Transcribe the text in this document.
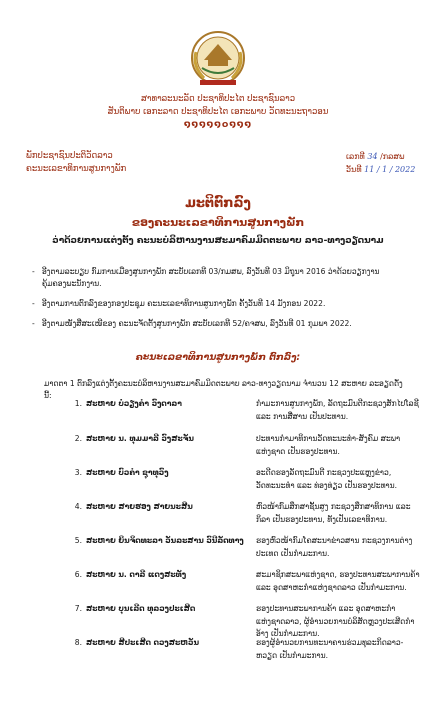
ສາທາລະນະລັດ ປະຊາທິປະໄຕ ປະຊາຊົນລາວ
ສັນຕິພາບ ເອກະລາດ ປະຊາທິປະໄຕ ເອກະພາບ ວັດທະນະຖາວອນ
໑໑໑໑໑໐໑໑໑
ພັກປະຊາຊົນປະຕິວັດລາວ
ຄະນະເລຂາທິການສູນກາງພັກ
ເລກທີ 34 /ກລສພ
ວັນທີ 11 / 1 / 2022
ມະຕິຕົກລົງ
ຂອງຄະນະເລຂາທິການສູນກາງພັກ
ວ່າດ້ວຍການແຕ່ງຕັ້ງ ຄະນະບໍລິຫານງານສະມາຄົມມິດຕະພາບ ລາວ-ທາງວຽດນາມ
- ອີງຕາມລະບຽບ ກົມການເມືອງສູນກາງພັກ ສະບັບເລກທີ 03/ກມສພ, ລົງວັນທີ 03 ມິຖຸນາ 2016 ວ່າດ້ວຍວຽກງານຄຸ້ມຄອງພະນັກງານ.
- ອີງຕາມການຕົກລົງຂອງກອງປະຊຸມ ຄະນະເລຂາທິການສູນກາງພັກ ຄັ້ງວັນທີ 14 ມັງກອນ 2022.
- ອີງຕາມໜັງສືສະເໜີຂອງ ຄະນະຈັດຕັ້ງສູນກາງພັກ ສະບັບເລກທີ 52/ຄຈສພ, ລົງວັນທີ 01 ກຸມພາ 2022.
ຄະນະເລຂາທິການສູນກາງພັກ ຕົກລົງ:
ມາດຕາ 1 ຕົກລົງແຕ່ງຕັ້ງຄະນະບໍລິຫານງານສະມາຄົມມິດຕະພາບ ລາວ-ທາງວຽດນາມ ຈຳນວນ 12 ສະຫາຍ ລະອຽດດັ່ງນີ້:
1. ສະຫາຍ ບໍ່ວຽງຄຳ ວົງດາລາ	ກຳມະການສູນກາງພັກ, ລັດຖະມົນຕີກະຊວງສັກໄປໂລຊີ ແລະ ການສື່ສານ ເປັນປະທານ.
2. ສະຫາຍ ນ. ທຸມມາລີ ວົງສະຈັນ	ປະທານກຳມາທິການວັດທະນະທຳ-ສັງຄົມ ສະພາແຫ່ງຊາດ ເປັນຮອງປະທານ.
3. ສະຫາຍ ບົວຄຳ ຊຸາທຸວົງ	ອະດີດຮອງລັດຖະມົນຕີ ກະຊວງປະແຫຼງຂ່າວ, ວັດທະນະທຳ ແລະ ທ່ອງທ່ຽວ ເປັນຮອງປະທານ.
4. ສະຫາຍ ສາຍຮອງ ສາຍນະສີນ	ຫົວໜ້າກົມສຶກສາຊັ້ນສູງ ກະຊວງສຶກສາທິການ ແລະ ກິລາ ເປັນຮອງປະທານ, ທັງເປັນເລຂາທິການ.
5. ສະຫາຍ ຍິນຈິດທະລາ ວັນລະສານ ວົນີລັດທາງ	ຮອງຫົວໜ້າກົມໂຄສະນາຂ່າວສານ ກະຊວງການຕ່າງປະເທດ ເປັນກຳມະການ.
6. ສະຫາຍ ນ. ດາລີ ແດງສະທັງ	ສະມາຊິກສະພາແຫ່ງຊາດ, ຮອງປະທານສະພາການຄ້າ ແລະ ອຸດສາຫະກຳແຫ່ງຊາດລາວ ເປັນກຳມະການ.
7. ສະຫາຍ ບຸນເລີດ ທຸລວງປະເສີດ	ຮອງປະທານສະພາການຄ້າ ແລະ ອຸດສາຫະກຳແຫ່ງຊາດລາວ, ຜູ້ອຳນວຍການບໍລິສັດຫຼວງປະເສີດກຳອ້າງ ເປັນກຳມະການ.
8. ສະຫາຍ ສີປະເສີດ ດວງສະຫວັນ	ຮອງຜູ້ອຳນວຍການທະນາຄານຮ່ວມທຸລະກິດລາວ-ຫວຽດ ເປັນກຳມະການ.
